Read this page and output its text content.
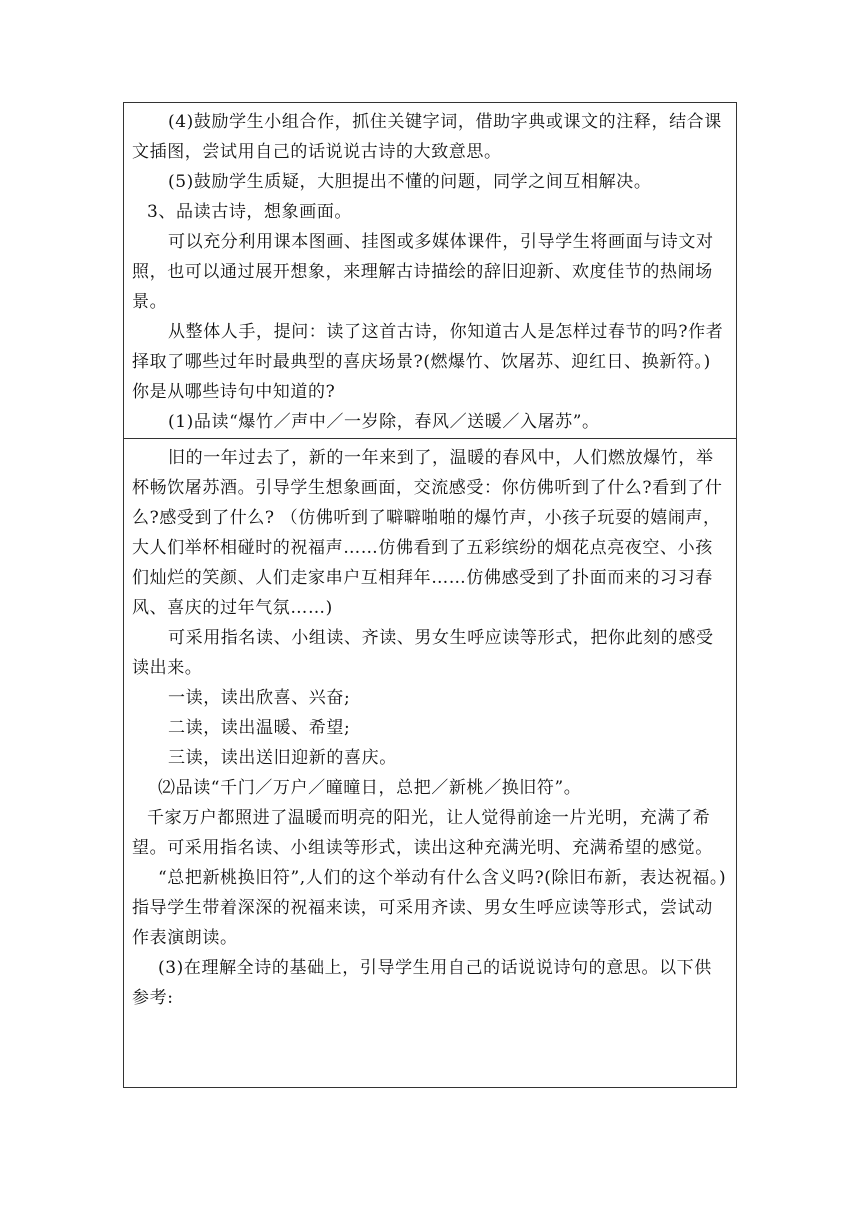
(4)鼓励学生小组合作，抓住关键字词，借助字典或课文的注释，结合课文插图，尝试用自己的话说说古诗的大致意思。

(5)鼓励学生质疑，大胆提出不懂的问题，同学之间互相解决。

3、品读古诗，想象画面。

可以充分利用课本图画、挂图或多媒体课件，引导学生将画面与诗文对照，也可以通过展开想象，来理解古诗描绘的辞旧迎新、欢度佳节的热闹场景。

从整体人手，提问：读了这首古诗，你知道古人是怎样过春节的吗?作者择取了哪些过年时最典型的喜庆场景?(燃爆竹、饮屠苏、迎红日、换新符。)你是从哪些诗句中知道的?

(1)品读“爆竹／声中／一岁除，春风／送暖／入屠苏”。

旧的一年过去了，新的一年来到了，温暖的春风中，人们燃放爆竹，举杯畅饮屠苏酒。引导学生想象画面，交流感受：你仿佛听到了什么?看到了什么?感受到了什么? （仿佛听到了噼噼啪啪的爆竹声，小孩子玩耍的嬉闹声，大人们举杯相碰时的祝福声……仿佛看到了五彩缤纷的烟花点亮夜空、小孩们灿烂的笑颜、人们走家串户互相拜年……仿佛感受到了扑面而来的习习春风、喜庆的过年气氛……)

可采用指名读、小组读、齐读、男女生呼应读等形式，把你此刻的感受读出来。

一读，读出欣喜、兴奋;

二读，读出温暖、希望;

三读，读出送旧迎新的喜庆。

⑵品读“千门／万户／曈曈日，总把／新桃／换旧符”。

千家万户都照进了温暖而明亮的阳光，让人觉得前途一片光明，充满了希望。可采用指名读、小组读等形式，读出这种充满光明、充满希望的感觉。

“总把新桃换旧符”,人们的这个举动有什么含义吗?(除旧布新，表达祝福。)指导学生带着深深的祝福来读，可采用齐读、男女生呼应读等形式，尝试动作表演朗读。

(3)在理解全诗的基础上，引导学生用自己的话说说诗句的意思。以下供参考:
